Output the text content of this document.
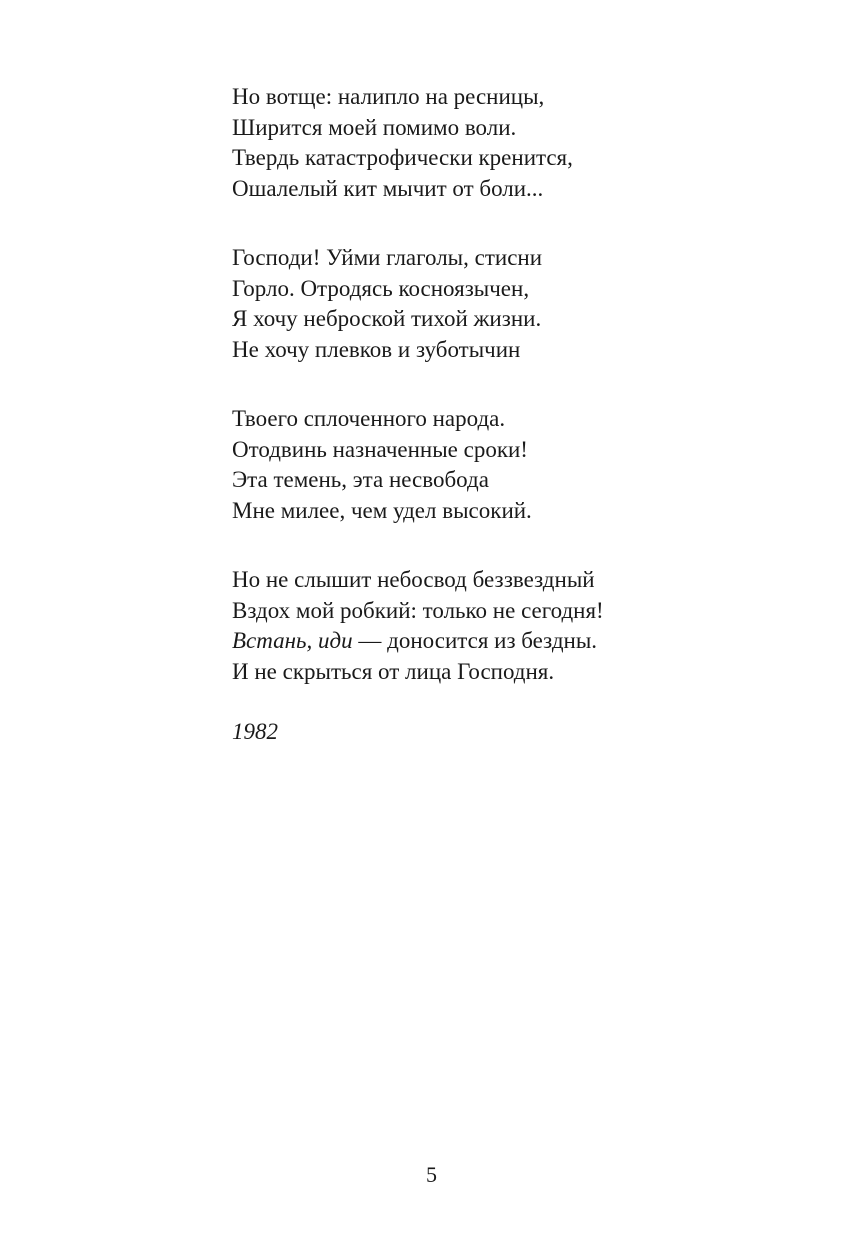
Но вотще: налипло на ресницы,
Ширится моей помимо воли.
Твердь катастрофически кренится,
Ошалелый кит мычит от боли...
Господи! Уйми глаголы, стисни
Горло. Отродясь косноязычен,
Я хочу неброской тихой жизни.
Не хочу плевков и зуботычин
Твоего сплоченного народа.
Отодвинь назначенные сроки!
Эта темень, эта несвобода
Мне милее, чем удел высокий.
Но не слышит небосвод беззвездный
Вздох мой робкий: только не сегодня!
Встань, иди — доносится из бездны.
И не скрыться от лица Господня.
1982
5
